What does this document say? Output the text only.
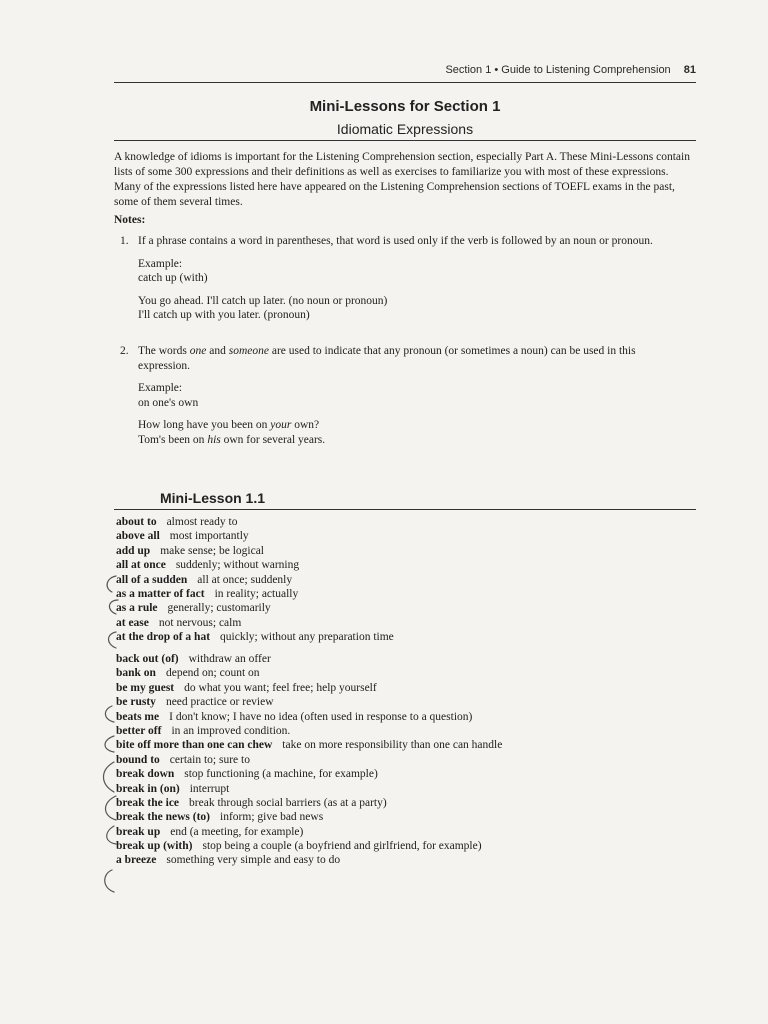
Section 1 • Guide to Listening Comprehension 81
Mini-Lessons for Section 1
Idiomatic Expressions
A knowledge of idioms is important for the Listening Comprehension section, especially Part A. These Mini-Lessons contain lists of some 300 expressions and their definitions as well as exercises to familiarize you with most of these expressions. Many of the expressions listed here have appeared on the Listening Comprehension sections of TOEFL exams in the past, some of them several times.
Notes:
1. If a phrase contains a word in parentheses, that word is used only if the verb is followed by an noun or pronoun.
Example:
catch up (with)
You go ahead. I'll catch up later. (no noun or pronoun)
I'll catch up with you later. (pronoun)
2. The words one and someone are used to indicate that any pronoun (or sometimes a noun) can be used in this expression.
Example:
on one's own
How long have you been on your own?
Tom's been on his own for several years.
Mini-Lesson 1.1
about to almost ready to
above all most importantly
add up make sense; be logical
all at once suddenly; without warning
all of a sudden all at once; suddenly
as a matter of fact in reality; actually
as a rule generally; customarily
at ease not nervous; calm
at the drop of a hat quickly; without any preparation time
back out (of) withdraw an offer
bank on depend on; count on
be my guest do what you want; feel free; help yourself
be rusty need practice or review
beats me I don't know; I have no idea (often used in response to a question)
better off in an improved condition.
bite off more than one can chew take on more responsibility than one can handle
bound to certain to; sure to
break down stop functioning (a machine, for example)
break in (on) interrupt
break the ice break through social barriers (as at a party)
break the news (to) inform; give bad news
break up end (a meeting, for example)
break up (with) stop being a couple (a boyfriend and girlfriend, for example)
a breeze something very simple and easy to do
